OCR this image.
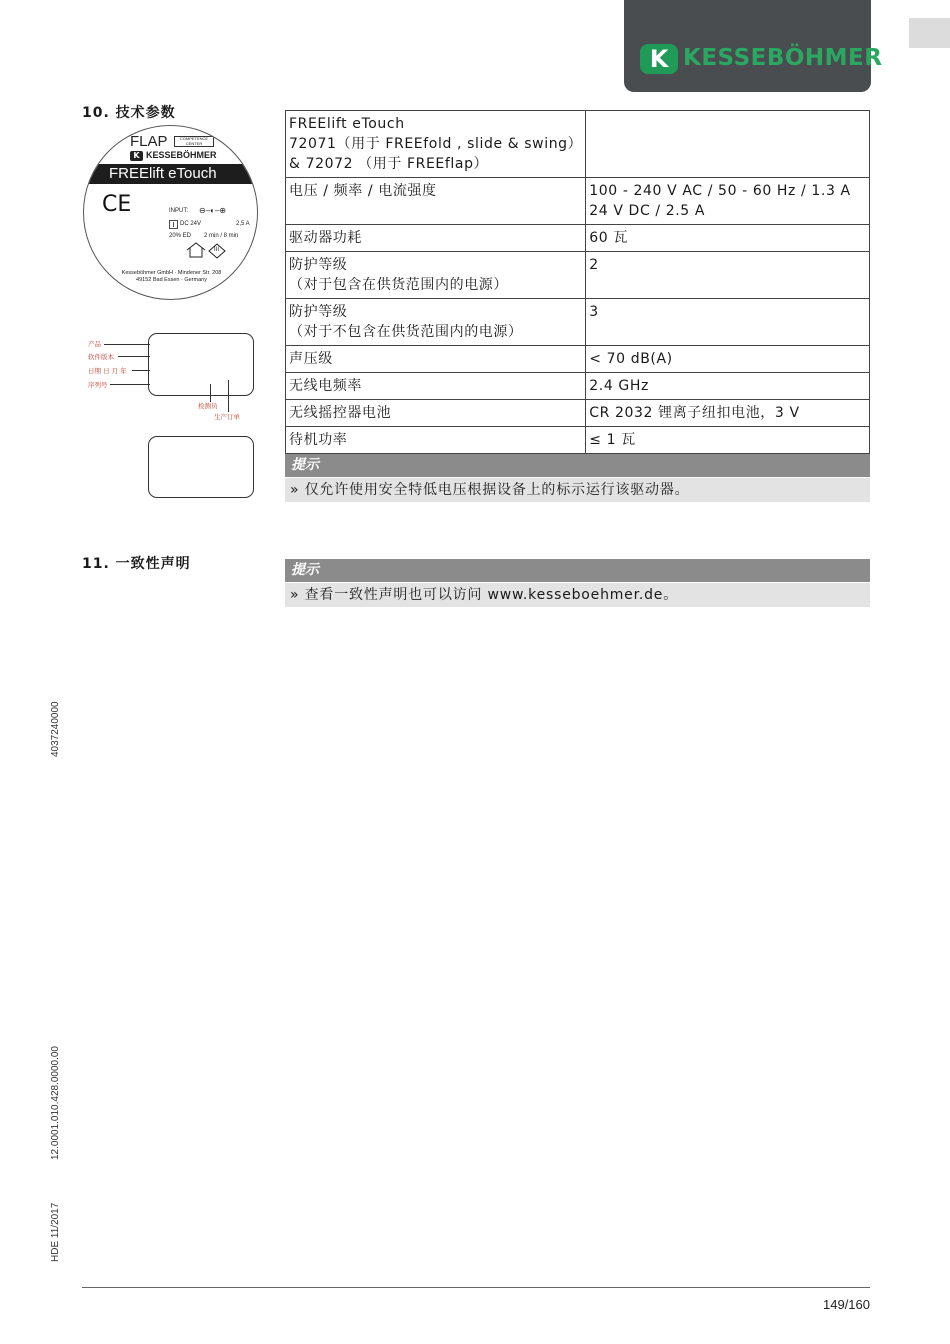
K KESSEBÖHMER
10. 技术参数
FLAP	COMPETENCE CENTER
K KESSEBÖHMER
FREElift eTouch
CE	INPUT: ⊖–◐–⊕
DC 24V	2,5 A
20% ED 2 min / 8 min
III
Kesseböhmer GmbH · Mindener Str. 208
49152 Bad Essen · Germany
产品
软件版本
日期 日 月 年
序列号
检测员
生产订单
FREElift eTouch
72071（用于 FREEfold , slide & swing）
& 72072 （用于 FREEflap）	

电压 / 频率 / 电流强度	100 - 240 V AC / 50 - 60 Hz / 1.3 A
24 V DC / 2.5 A

驱动器功耗	60 瓦

防护等级
（对于包含在供货范围内的电源）	2

防护等级
（对于不包含在供货范围内的电源）	3

声压级	< 70 dB(A)

无线电频率	2.4 GHz

无线摇控器电池	CR 2032 锂离子纽扣电池，3 V

待机功率	≤ 1 瓦
提示
» 仅允许使用安全特低电压根据设备上的标示运行该驱动器。
11. 一致性声明	提示
» 查看一致性声明也可以访问 www.kesseboehmer.de。
4037240000
12.0001.010.428.0000.00
HDE 11/2017
149/160
